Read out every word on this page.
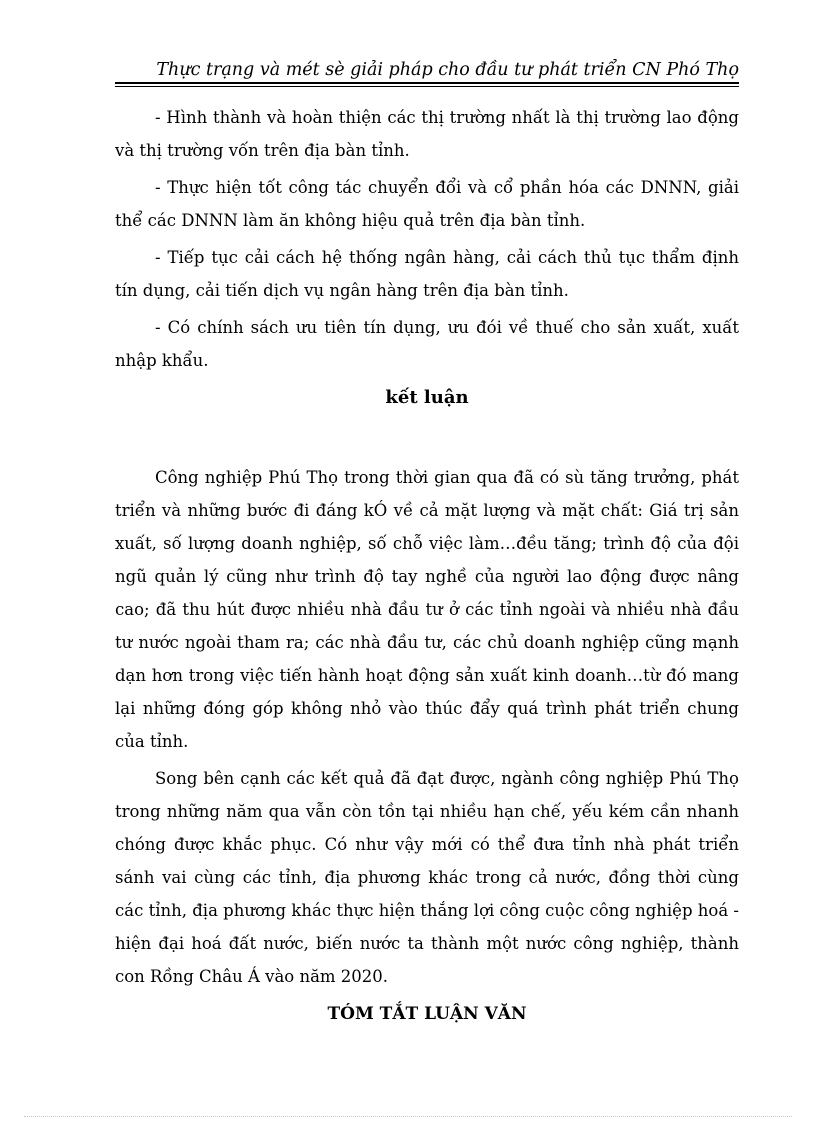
Thực trạng và mét sè giải pháp cho đầu tư phát triển CN Phó Thọ

- Hình thành và hoàn thiện các thị trường nhất là thị trường lao động và thị trường vốn trên địa bàn tỉnh.

- Thực hiện tốt công tác chuyển đổi và cổ phần hóa các DNNN, giải thể các DNNN làm ăn không hiệu quả trên địa bàn tỉnh.

- Tiếp tục cải cách hệ thống ngân hàng, cải cách thủ tục thẩm định tín dụng, cải tiến dịch vụ ngân hàng trên địa bàn tỉnh.

- Có chính sách ưu tiên tín dụng, ưu đói về thuế cho sản xuất, xuất nhập khẩu.

kết luận

Công nghiệp Phú Thọ trong thời gian qua đã có sù tăng trưởng, phát triển và những bước đi đáng kÓ về cả mặt lượng và mặt chất: Giá trị sản xuất, số lượng doanh nghiệp, số chỗ việc làm…đều tăng; trình độ của đội ngũ quản lý cũng như trình độ tay nghề của người lao động được nâng cao; đã thu hút được nhiều nhà đầu tư ở các tỉnh ngoài và nhiều nhà đầu tư nước ngoài tham ra; các nhà đầu tư, các chủ doanh nghiệp cũng mạnh dạn hơn trong việc tiến hành hoạt động sản xuất kinh doanh…từ đó mang lại những đóng góp không nhỏ vào thúc đẩy quá trình phát triển chung của tỉnh.

Song bên cạnh các kết quả đã đạt được, ngành công nghiệp Phú Thọ trong những năm qua vẫn còn tồn tại nhiều hạn chế, yếu kém cần nhanh chóng được khắc phục. Có như vậy mới có thể đưa tỉnh nhà phát triển sánh vai cùng các tỉnh, địa phương khác trong cả nước, đồng thời cùng các tỉnh, địa phương khác thực hiện thắng lợi công cuộc công nghiệp hoá - hiện đại hoá đất nước, biến nước ta thành một nước công nghiệp, thành con Rồng Châu Á vào năm 2020.

TÓM TẮT LUẬN VĂN
